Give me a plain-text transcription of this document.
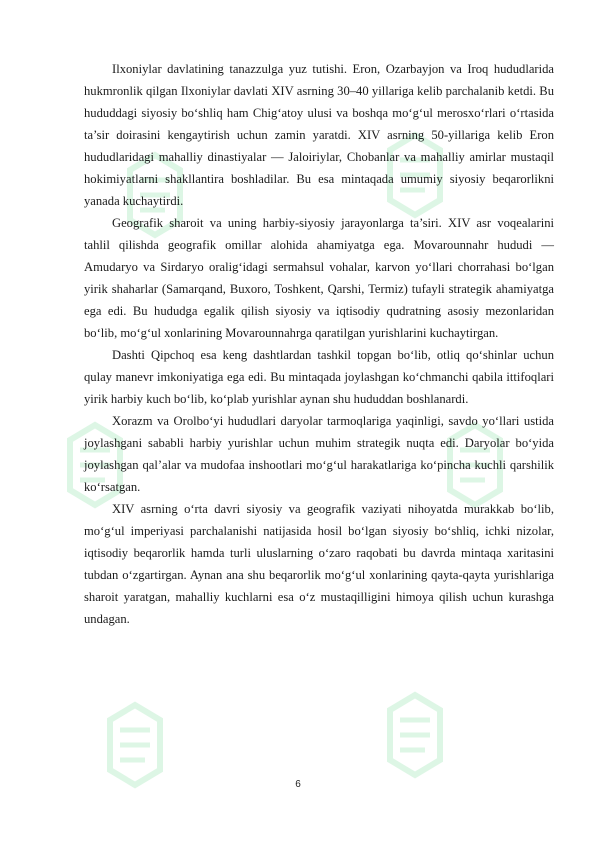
Ilxoniylar davlatining tanazzulga yuz tutishi. Eron, Ozarbayjon va Iroq hududlarida hukmronlik qilgan Ilxoniylar davlati XIV asrning 30–40 yillariga kelib parchalanib ketdi. Bu hududdagi siyosiy bo‘shliq ham Chig‘atoy ulusi va boshqa mo‘g‘ul merosxo‘rlari o‘rtasida ta’sir doirasini kengaytirish uchun zamin yaratdi. XIV asrning 50-yillariga kelib Eron hududlaridagi mahalliy dinastiyalar — Jaloiriylar, Chobanlar va mahalliy amirlar mustaqil hokimiyatlarni shakllantira boshladilar. Bu esa mintaqada umumiy siyosiy beqarorlikni yanada kuchaytirdi.

Geografik sharoit va uning harbiy-siyosiy jarayonlarga ta’siri. XIV asr voqealarini tahlil qilishda geografik omillar alohida ahamiyatga ega. Movarounnahr hududi — Amudaryo va Sirdaryo oralig‘idagi sermahsul vohalar, karvon yo‘llari chorrahasi bo‘lgan yirik shaharlar (Samarqand, Buxoro, Toshkent, Qarshi, Termiz) tufayli strategik ahamiyatga ega edi. Bu hududga egalik qilish siyosiy va iqtisodiy qudratning asosiy mezonlaridan bo‘lib, mo‘g‘ul xonlarining Movarounnahrga qaratilgan yurishlarini kuchaytirgan.

Dashti Qipchoq esa keng dashtlardan tashkil topgan bo‘lib, otliq qo‘shinlar uchun qulay manevr imkoniyatiga ega edi. Bu mintaqada joylashgan ko‘chmanchi qabila ittifoqlari yirik harbiy kuch bo‘lib, ko‘plab yurishlar aynan shu hududdan boshlanardi.

Xorazm va Orolbo‘yi hududlari daryolar tarmoqlariga yaqinligi, savdo yo‘llari ustida joylashgani sababli harbiy yurishlar uchun muhim strategik nuqta edi. Daryolar bo‘yida joylashgan qal’alar va mudofaa inshootlari mo‘g‘ul harakatlariga ko‘pincha kuchli qarshilik ko‘rsatgan.

XIV asrning o‘rta davri siyosiy va geografik vaziyati nihoyatda murakkab bo‘lib, mo‘g‘ul imperiyasi parchalanishi natijasida hosil bo‘lgan siyosiy bo‘shliq, ichki nizolar, iqtisodiy beqarorlik hamda turli uluslarning o‘zaro raqobati bu davrda mintaqa xaritasini tubdan o‘zgartirgan. Aynan ana shu beqarorlik mo‘g‘ul xonlarining qayta-qayta yurishlariga sharoit yaratgan, mahalliy kuchlarni esa o‘z mustaqilligini himoya qilish uchun kurashga undagan.

6
